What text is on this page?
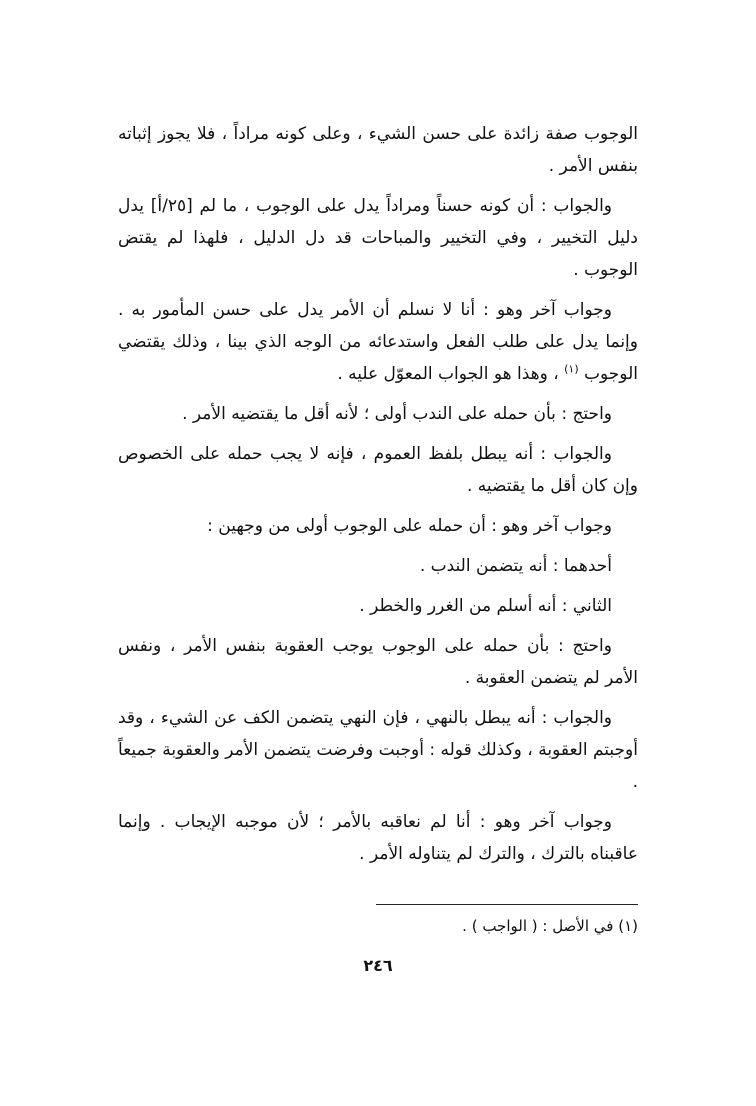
الوجوب صفة زائدة على حسن الشيء ، وعلى كونه مراداً ، فلا يجوز إثباته بنفس الأمر .

والجواب : أن كونه حسناً ومراداً يدل على الوجوب ، ما لم [٢٥/أ] يدل دليل التخيير ، وفي التخيير والمباحات قد دل الدليل ، فلهذا لم يقتض الوجوب .

وجواب آخر وهو : أنا لا نسلم أن الأمر يدل على حسن المأمور به . وإنما يدل على طلب الفعل واستدعائه من الوجه الذي بينا ، وذلك يقتضي الوجوب $^{(١)}$ ، وهذا هو الجواب المعوّل عليه .

واحتج : بأن حمله على الندب أولى ؛ لأنه أقل ما يقتضيه الأمر .

والجواب : أنه يبطل بلفظ العموم ، فإنه لا يجب حمله على الخصوص وإن كان أقل ما يقتضيه .

وجواب آخر وهو : أن حمله على الوجوب أولى من وجهين :

أحدهما : أنه يتضمن الندب .

الثاني : أنه أسلم من الغرر والخطر .

واحتج : بأن حمله على الوجوب يوجب العقوبة بنفس الأمر ، ونفس الأمر لم يتضمن العقوبة .

والجواب : أنه يبطل بالنهي ، فإن النهي يتضمن الكف عن الشيء ، وقد أوجبتم العقوبة ، وكذلك قوله : أوجبت وفرضت يتضمن الأمر والعقوبة جميعاً .

وجواب آخر وهو : أنا لم نعاقبه بالأمر ؛ لأن موجبه الإيجاب . وإنما عاقبناه بالترك ، والترك لم يتناوله الأمر .

(١) في الأصل : ( الواجب ) .
٢٤٦
